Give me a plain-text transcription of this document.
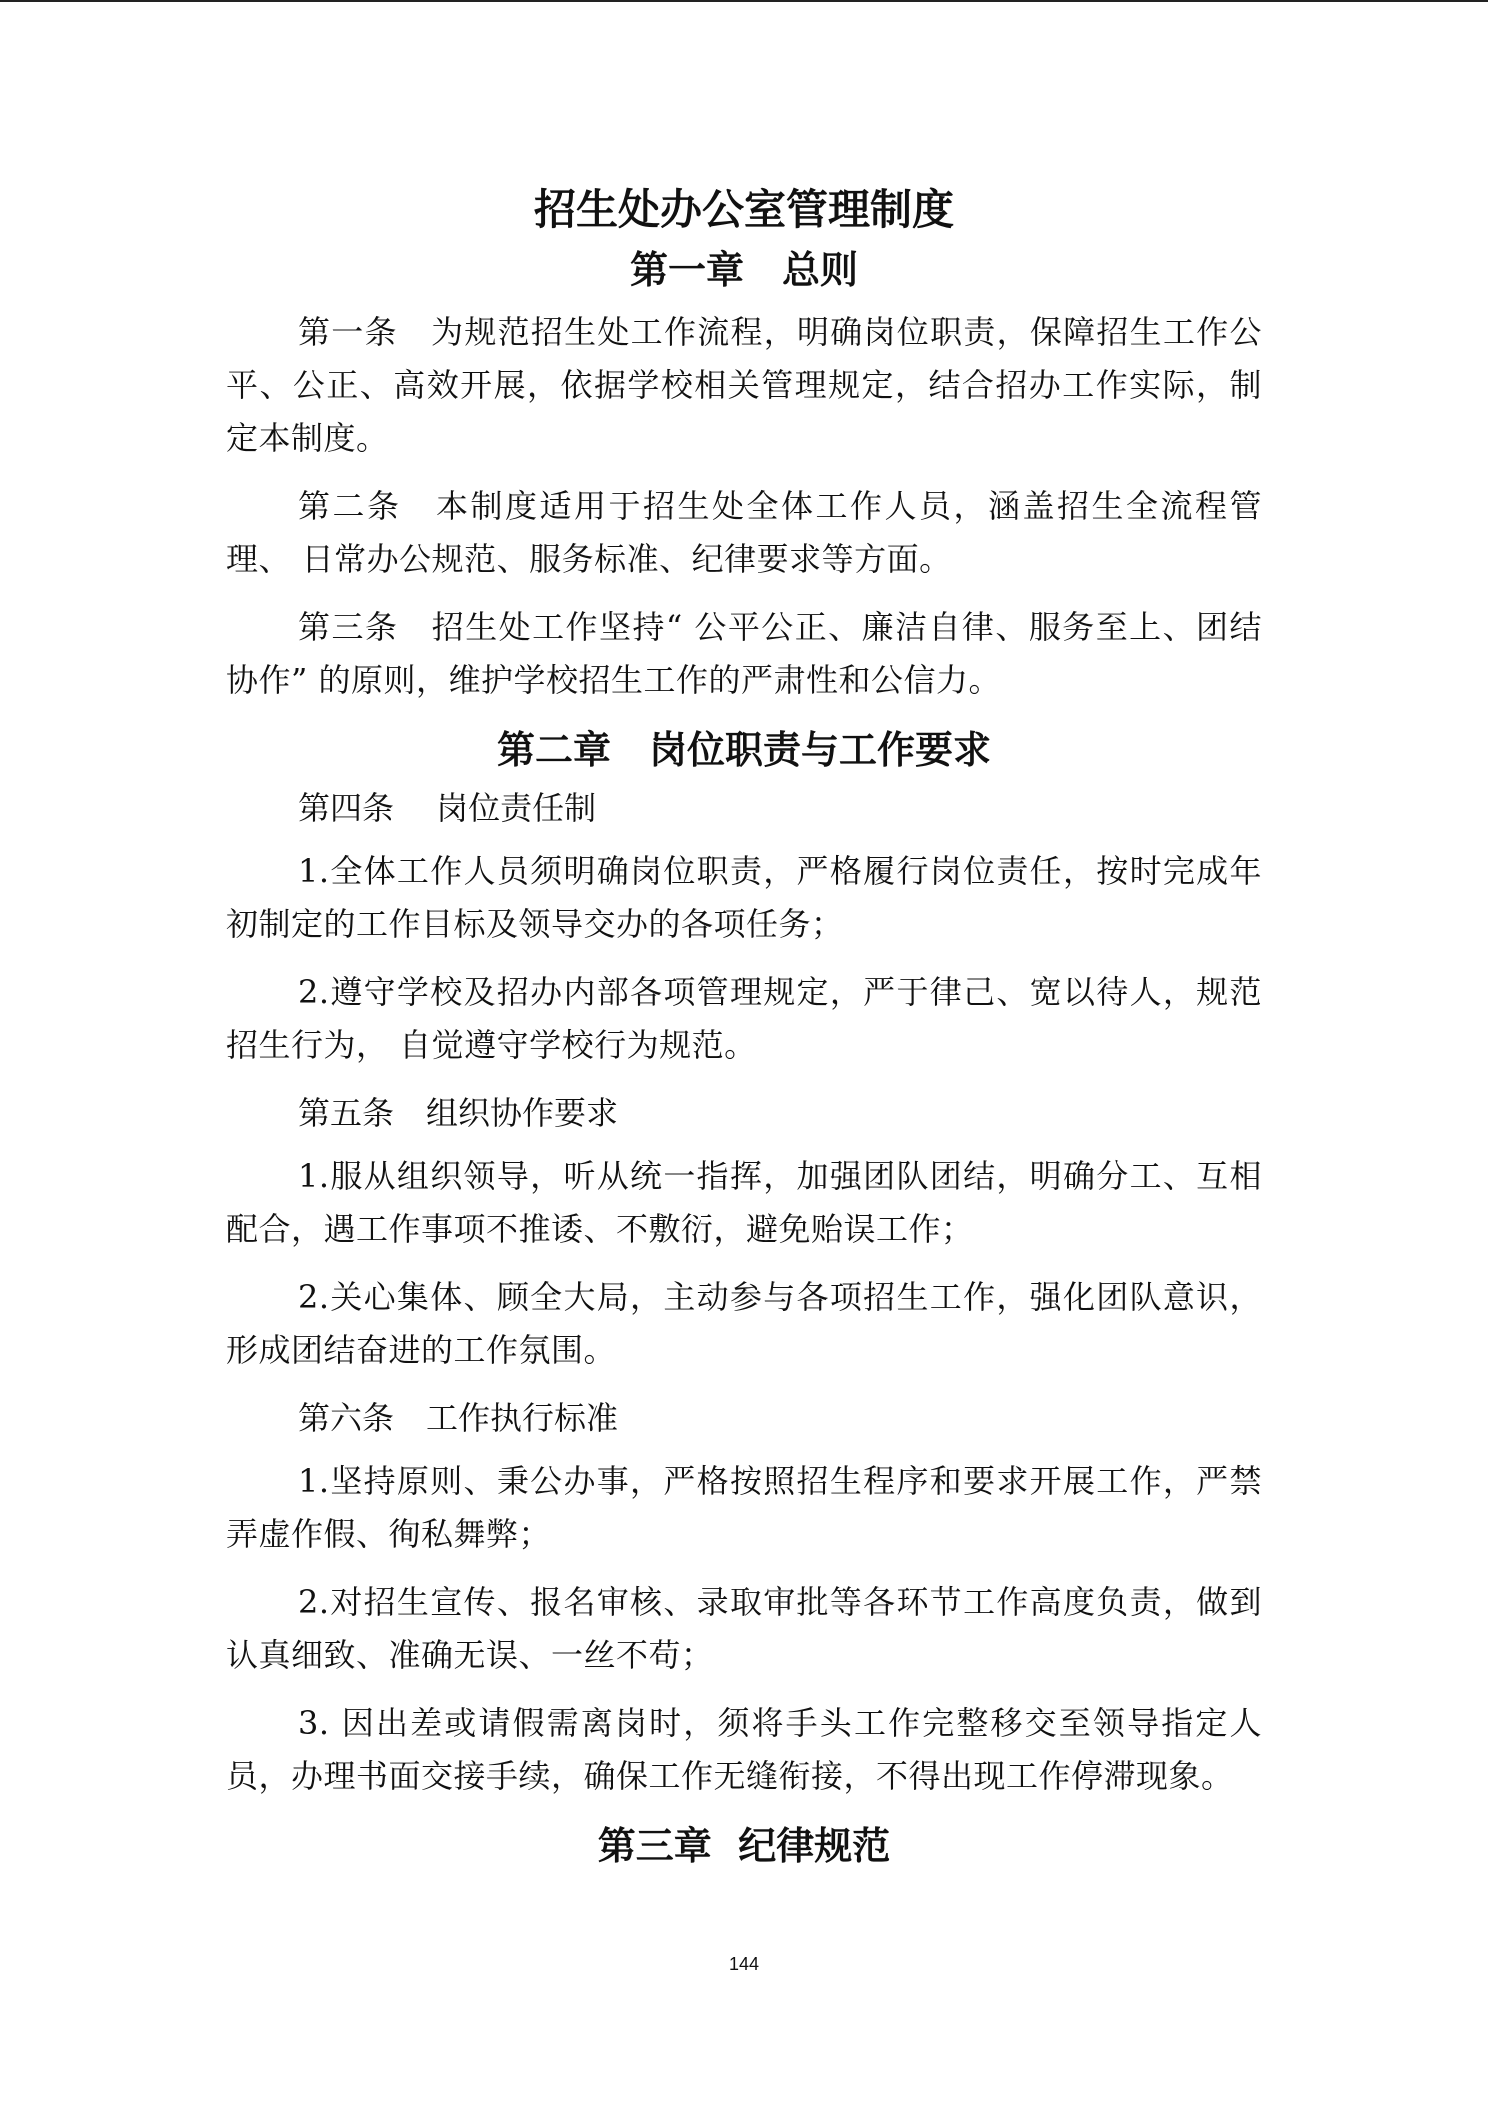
招生处办公室管理制度
第一章　总则

第一条　为规范招生处工作流程，明确岗位职责，保障招生工作公平、公正、高效开展，依据学校相关管理规定，结合招办工作实际，制定本制度。

第二条　本制度适用于招生处全体工作人员，涵盖招生全流程管理、 日常办公规范、服务标准、纪律要求等方面。

第三条　招生处工作坚持“ 公平公正、廉洁自律、服务至上、团结协作” 的原则，维护学校招生工作的严肃性和公信力。

第二章　岗位职责与工作要求

第四条　 岗位责任制

1.全体工作人员须明确岗位职责，严格履行岗位责任，按时完成年初制定的工作目标及领导交办的各项任务；

2.遵守学校及招办内部各项管理规定，严于律己、宽以待人，规范招生行为， 自觉遵守学校行为规范。

第五条　组织协作要求

1.服从组织领导，听从统一指挥，加强团队团结，明确分工、互相配合，遇工作事项不推诿、不敷衍，避免贻误工作；

2.关心集体、顾全大局，主动参与各项招生工作，强化团队意识，形成团结奋进的工作氛围。

第六条　工作执行标准

1.坚持原则、秉公办事，严格按照招生程序和要求开展工作，严禁弄虚作假、徇私舞弊；

2.对招生宣传、报名审核、录取审批等各环节工作高度负责，做到认真细致、准确无误、一丝不苟；

3. 因出差或请假需离岗时，须将手头工作完整移交至领导指定人员，办理书面交接手续，确保工作无缝衔接，不得出现工作停滞现象。

第三章  纪律规范
144
